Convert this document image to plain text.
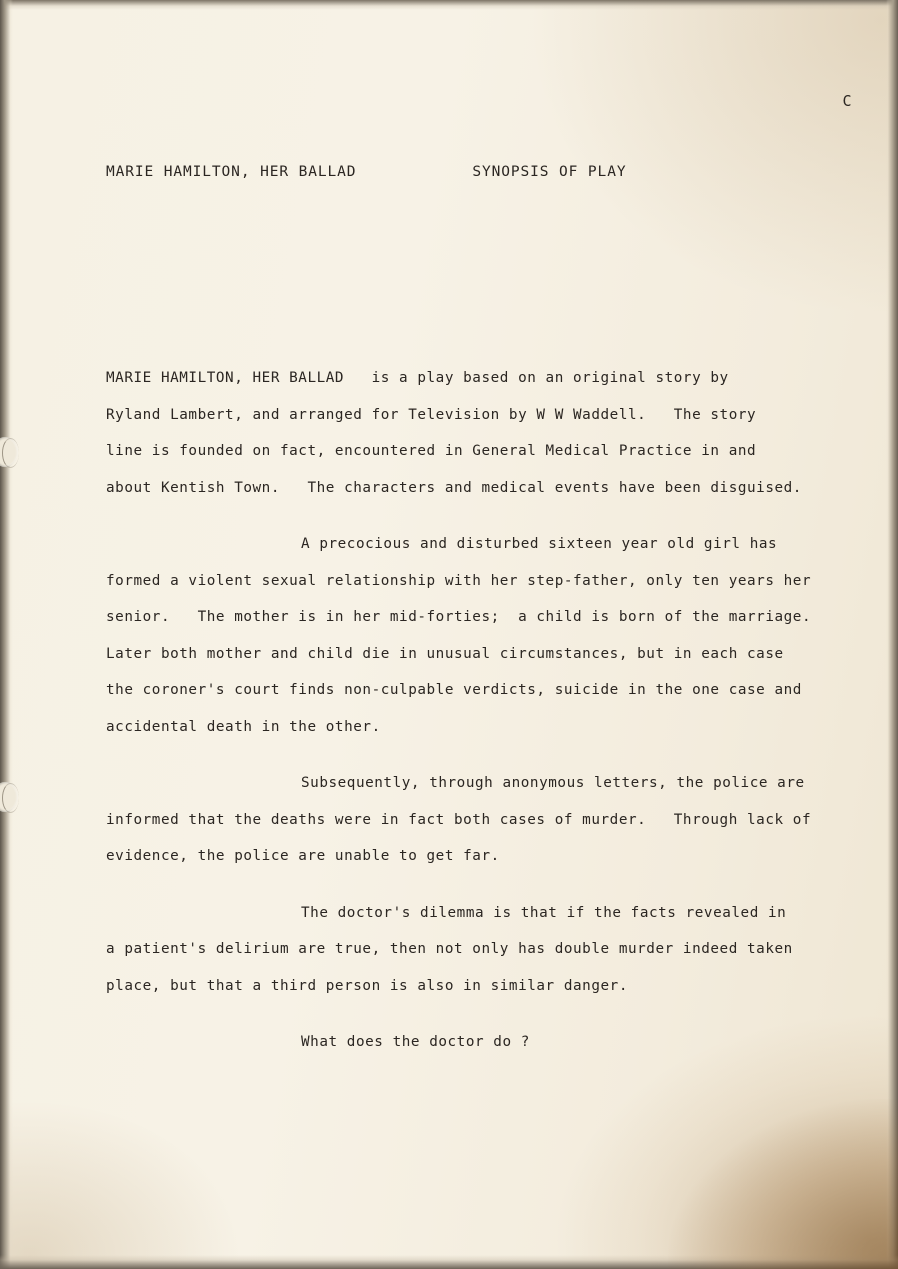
C
MARIE HAMILTON, HER BALLAD	SYNOPSIS OF PLAY

MARIE HAMILTON, HER BALLAD   is a play based on an original story by

Ryland Lambert, and arranged for Television by W W Waddell.   The story

line is founded on fact, encountered in General Medical Practice in and

about Kentish Town.   The characters and medical events have been disguised.

A precocious and disturbed sixteen year old girl has

formed a violent sexual relationship with her step-father, only ten years her

senior.   The mother is in her mid-forties;  a child is born of the marriage.

Later both mother and child die in unusual circumstances, but in each case

the coroner's court finds non-culpable verdicts, suicide in the one case and

accidental death in the other.

Subsequently, through anonymous letters, the police are

informed that the deaths were in fact both cases of murder.   Through lack of

evidence, the police are unable to get far.

The doctor's dilemma is that if the facts revealed in

a patient's delirium are true, then not only has double murder indeed taken

place, but that a third person is also in similar danger.

What does the doctor do ?
